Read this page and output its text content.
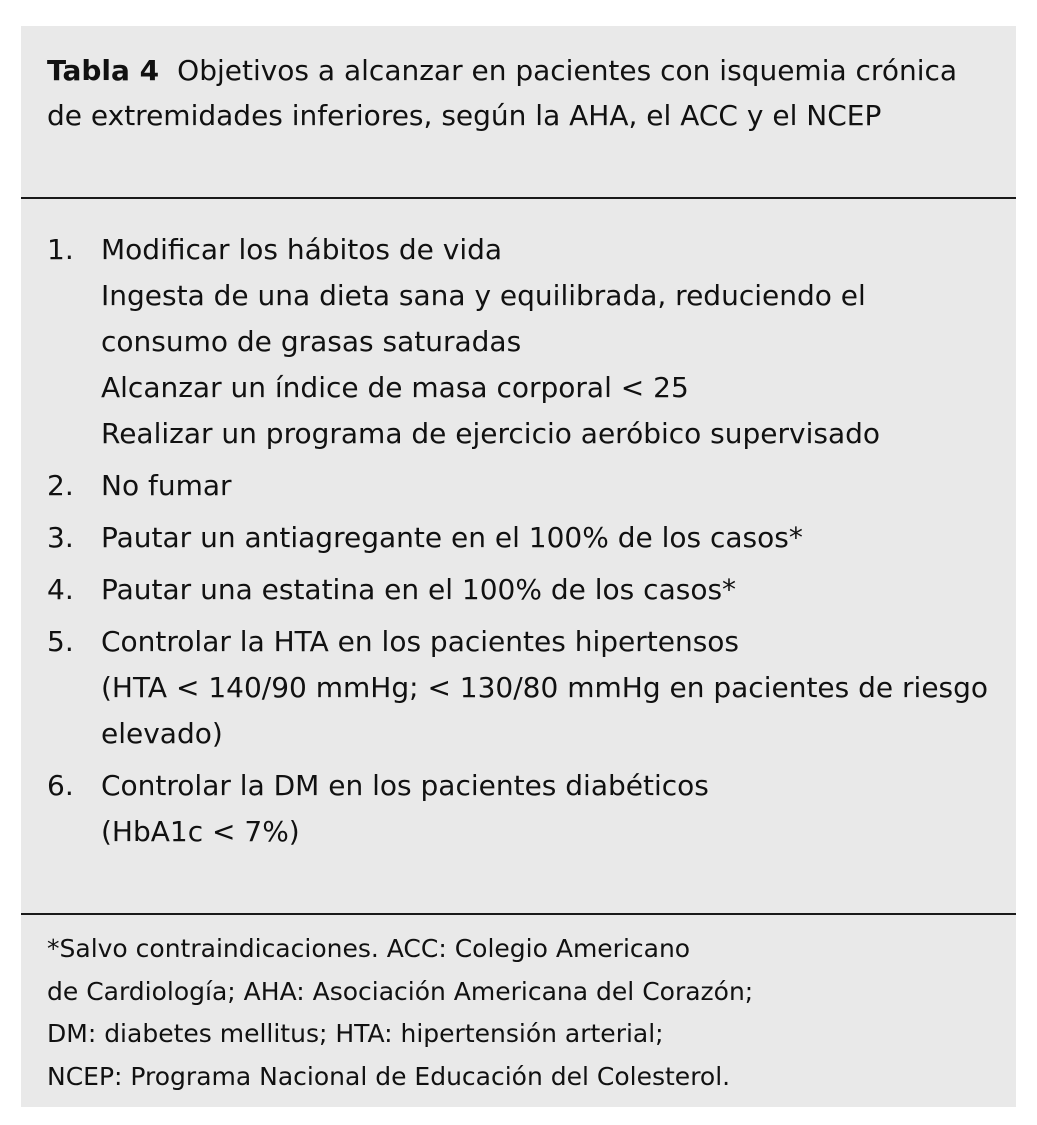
Tabla 4 Objetivos a alcanzar en pacientes con isquemia crónica de extremidades inferiores, según la AHA, el ACC y el NCEP
1. Modificar los hábitos de vida
Ingesta de una dieta sana y equilibrada, reduciendo el consumo de grasas saturadas
Alcanzar un índice de masa corporal < 25
Realizar un programa de ejercicio aeróbico supervisado
2. No fumar
3. Pautar un antiagregante en el 100% de los casos*
4. Pautar una estatina en el 100% de los casos*
5. Controlar la HTA en los pacientes hipertensos
(HTA < 140/90 mmHg; < 130/80 mmHg en pacientes de riesgo elevado)
6. Controlar la DM en los pacientes diabéticos
(HbA1c < 7%)
*Salvo contraindicaciones. ACC: Colegio Americano
de Cardiología; AHA: Asociación Americana del Corazón;
DM: diabetes mellitus; HTA: hipertensión arterial;
NCEP: Programa Nacional de Educación del Colesterol.
